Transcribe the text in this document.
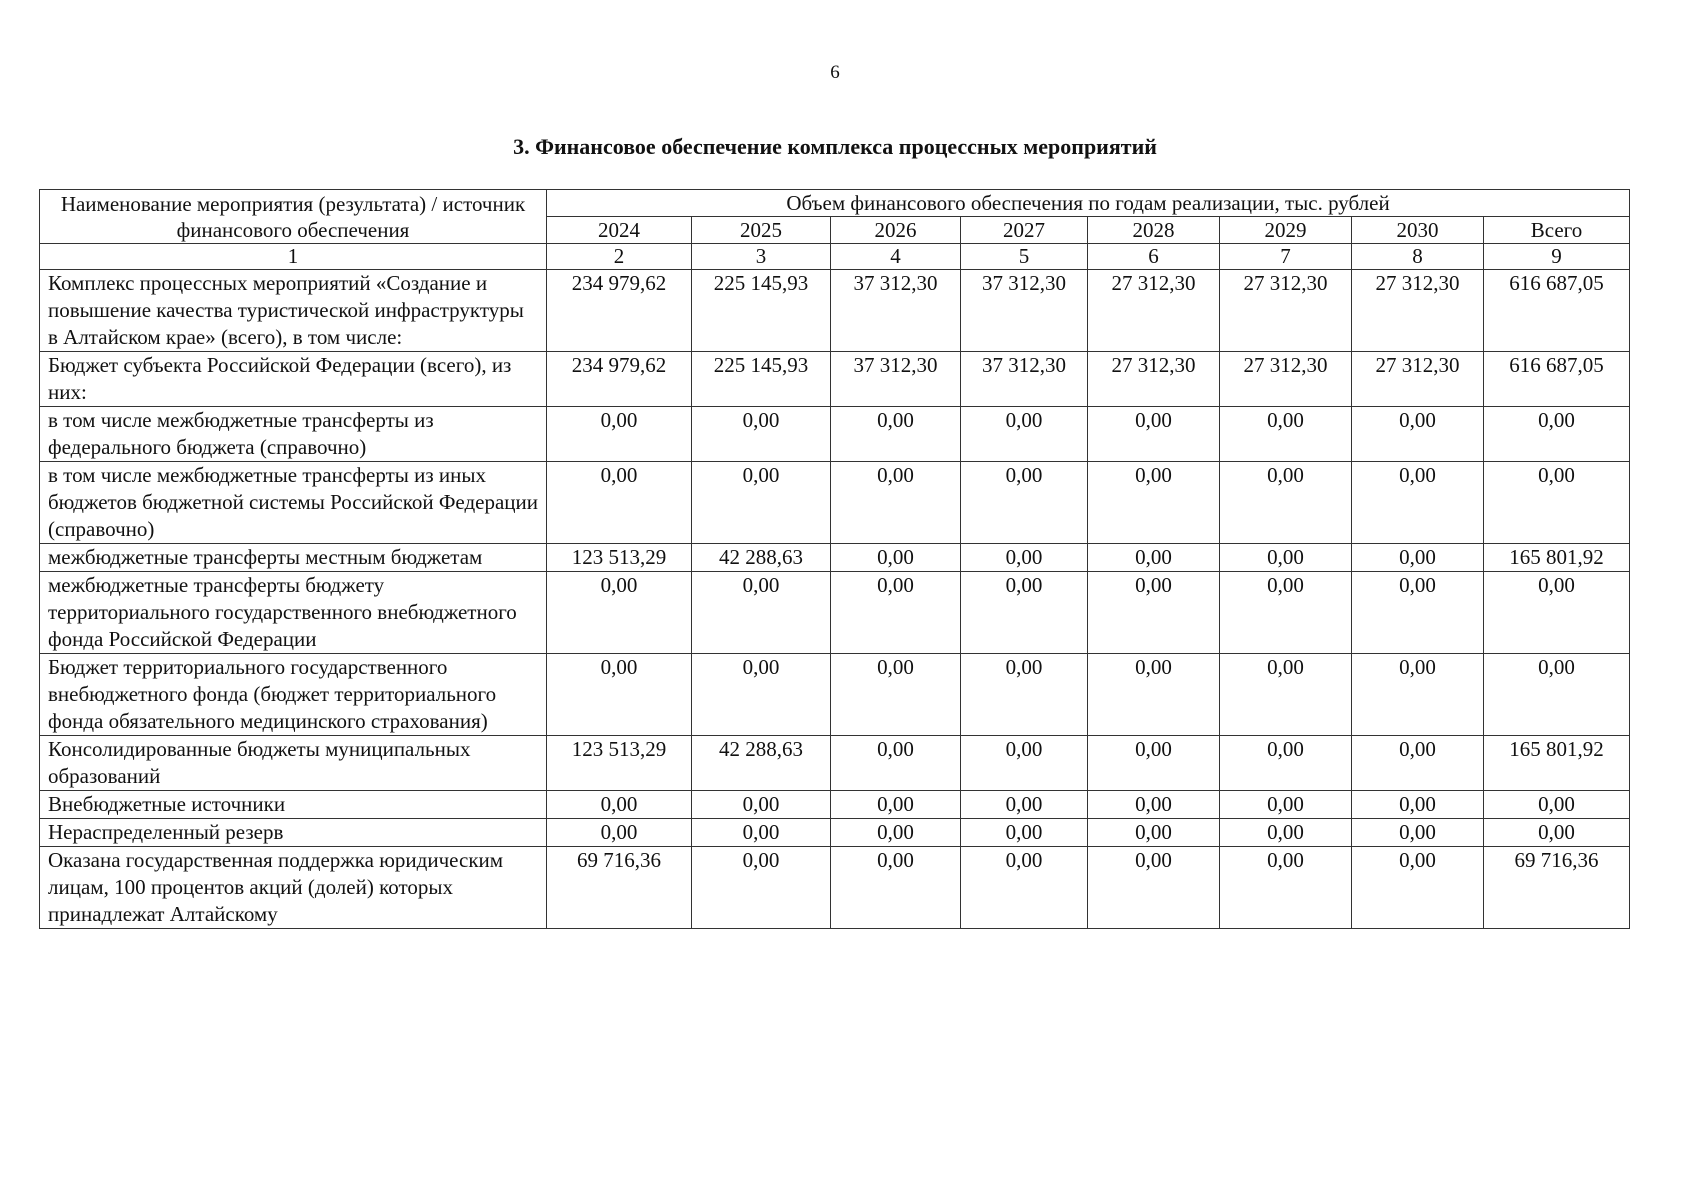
6
3. Финансовое обеспечение комплекса процессных мероприятий
Наименование мероприятия (результата) / источник финансового обеспечения	Объем финансового обеспечения по годам реализации, тыс. рублей							
	2024	2025	2026	2027	2028	2029	2030	Всего
1	2	3	4	5	6	7	8	9
Комплекс процессных мероприятий «Создание и повышение качества туристической инфраструктуры в Алтайском крае» (всего), в том числе:	234 979,62	225 145,93	37 312,30	37 312,30	27 312,30	27 312,30	27 312,30	616 687,05
Бюджет субъекта Российской Федерации (всего), из них:	234 979,62	225 145,93	37 312,30	37 312,30	27 312,30	27 312,30	27 312,30	616 687,05
в том числе межбюджетные трансферты из федерального бюджета (справочно)	0,00	0,00	0,00	0,00	0,00	0,00	0,00	0,00
в том числе межбюджетные трансферты из иных бюджетов бюджетной системы Российской Федерации (справочно)	0,00	0,00	0,00	0,00	0,00	0,00	0,00	0,00
межбюджетные трансферты местным бюджетам	123 513,29	42 288,63	0,00	0,00	0,00	0,00	0,00	165 801,92
межбюджетные трансферты бюджету территориального государственного внебюджетного фонда Российской Федерации	0,00	0,00	0,00	0,00	0,00	0,00	0,00	0,00
Бюджет территориального государственного внебюджетного фонда (бюджет территориального фонда обязательного медицинского страхования)	0,00	0,00	0,00	0,00	0,00	0,00	0,00	0,00
Консолидированные бюджеты муниципальных образований	123 513,29	42 288,63	0,00	0,00	0,00	0,00	0,00	165 801,92
Внебюджетные источники	0,00	0,00	0,00	0,00	0,00	0,00	0,00	0,00
Нераспределенный резерв	0,00	0,00	0,00	0,00	0,00	0,00	0,00	0,00
Оказана государственная поддержка юридическим лицам, 100 процентов акций (долей) которых принадлежат Алтайскому	69 716,36	0,00	0,00	0,00	0,00	0,00	0,00	69 716,36
